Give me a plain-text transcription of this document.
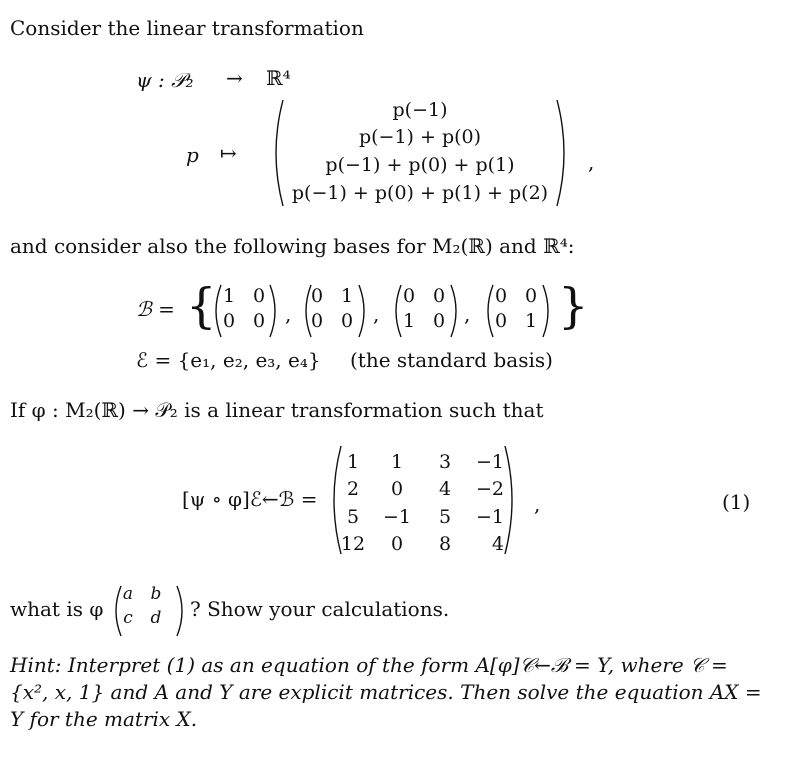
Consider the linear transformation
ψ : 𝒫₂ → ℝ⁴
p ↦
p(−1)
p(−1) + p(0)
p(−1) + p(0) + p(1)
p(−1) + p(0) + p(1) + p(2)
,
and consider also the following bases for M₂(ℝ) and ℝ⁴:
ℬ = { 1 0
0 0 ,
0 1
0 0 ,
0 0
1 0 ,
0 0
0 1 }
ℰ = {e₁, e₂, e₃, e₄} (the standard basis)
If φ : M₂(ℝ) → 𝒫₂ is a linear transformation such that
[ψ ∘ φ]ℰ←ℬ =
1	1	3	−1
2	0	4	−2
5	−1	5	−1
12	0	8	4
,	(1)
what is φ
a b
c	d ? Show your calculations.
Hint: Interpret (1) as an equation of the form A[φ]𝒞←ℬ = Y, where 𝒞 =
{x², x, 1} and A and Y are explicit matrices. Then solve the equation AX =
Y for the matrix X.
